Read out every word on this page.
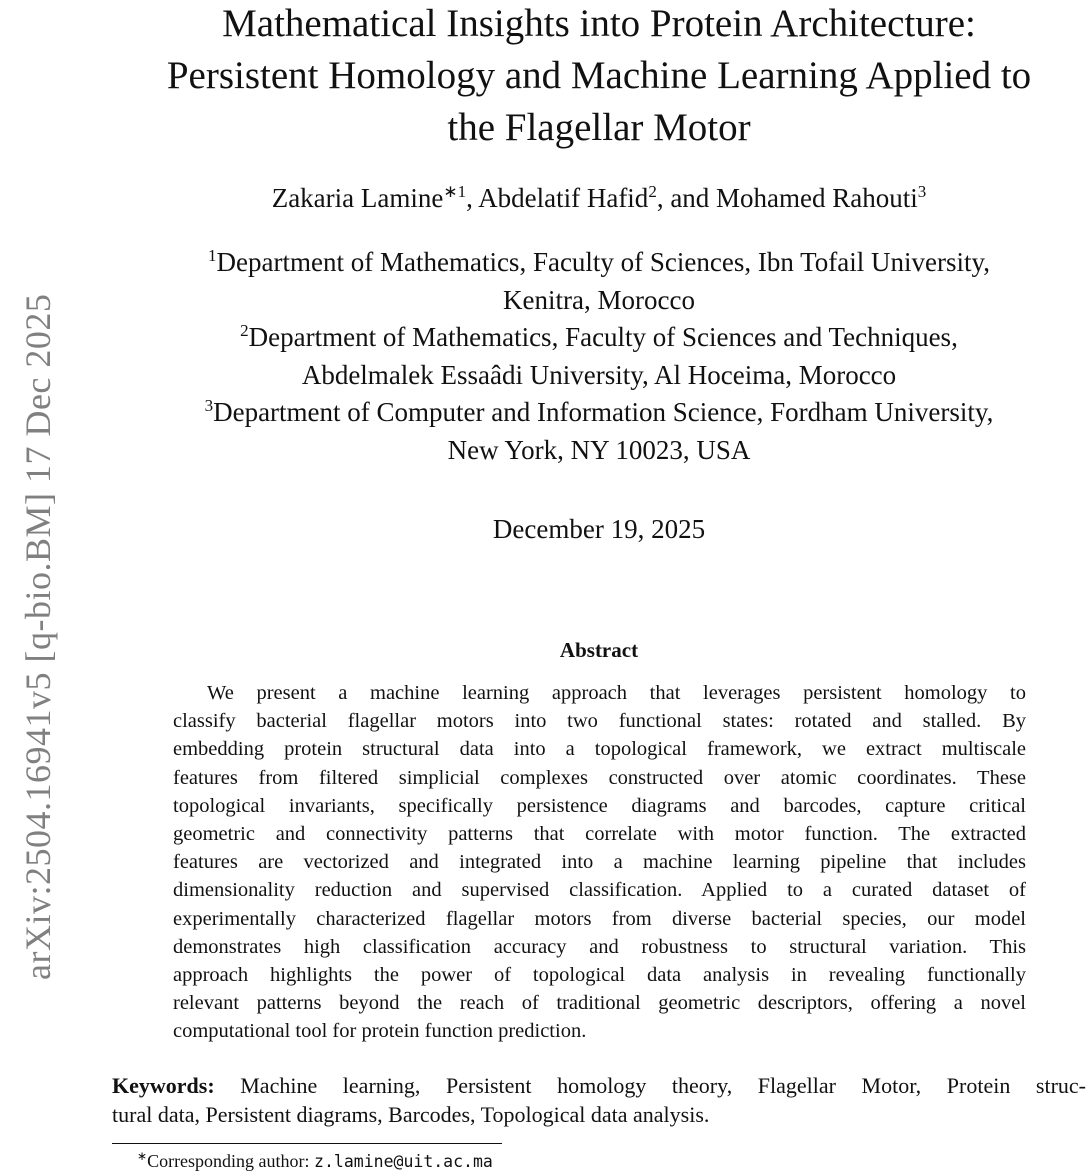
arXiv:2504.16941v5 [q-bio.BM] 17 Dec 2025
Mathematical Insights into Protein Architecture:
Persistent Homology and Machine Learning Applied to
the Flagellar Motor
Zakaria Lamine$^{∗1}$, Abdelatif Hafid$^2$, and Mohamed Rahouti$^3$
$^1$Department of Mathematics, Faculty of Sciences, Ibn Tofail University,
Kenitra, Morocco
$^2$Department of Mathematics, Faculty of Sciences and Techniques,
Abdelmalek Essaâdi University, Al Hoceima, Morocco
$^3$Department of Computer and Information Science, Fordham University,
New York, NY 10023, USA
December 19, 2025
Abstract
We present a machine learning approach that leverages persistent homology to
classify bacterial flagellar motors into two functional states: rotated and stalled. By
embedding protein structural data into a topological framework, we extract multiscale
features from filtered simplicial complexes constructed over atomic coordinates. These
topological invariants, specifically persistence diagrams and barcodes, capture critical
geometric and connectivity patterns that correlate with motor function. The extracted
features are vectorized and integrated into a machine learning pipeline that includes
dimensionality reduction and supervised classification. Applied to a curated dataset of
experimentally characterized flagellar motors from diverse bacterial species, our model
demonstrates high classification accuracy and robustness to structural variation. This
approach highlights the power of topological data analysis in revealing functionally
relevant patterns beyond the reach of traditional geometric descriptors, offering a novel
computational tool for protein function prediction.
Keywords: Machine learning, Persistent homology theory, Flagellar Motor, Protein struc-
tural data, Persistent diagrams, Barcodes, Topological data analysis.
∗Corresponding author: z.lamine@uit.ac.ma
